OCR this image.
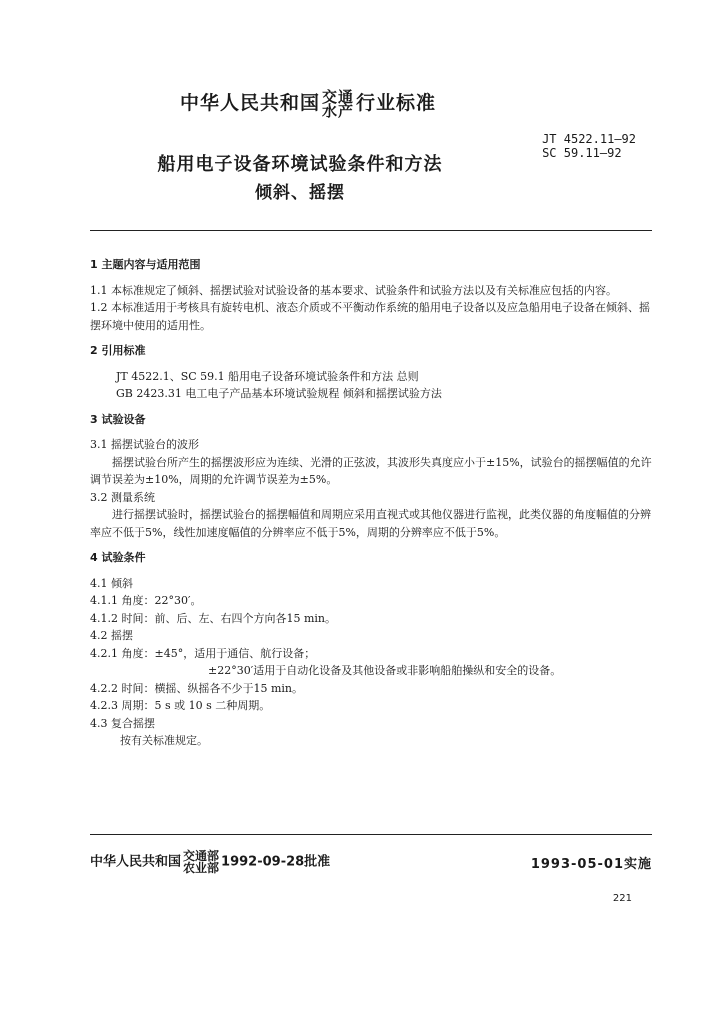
中华人民共和国 交通
水产 行业标准
JT 4522.11—92
SC 59.11—92
船用电子设备环境试验条件和方法
倾斜、摇摆

1 主题内容与适用范围

1.1 本标准规定了倾斜、摇摆试验对试验设备的基本要求、试验条件和试验方法以及有关标准应包括的内容。

1.2 本标准适用于考核具有旋转电机、液态介质或不平衡动作系统的船用电子设备以及应急船用电子设备在倾斜、摇摆环境中使用的适用性。

2 引用标准

JT 4522.1、SC 59.1 船用电子设备环境试验条件和方法 总则

GB 2423.31 电工电子产品基本环境试验规程 倾斜和摇摆试验方法

3 试验设备

3.1 摇摆试验台的波形

摇摆试验台所产生的摇摆波形应为连续、光滑的正弦波，其波形失真度应小于±15%，试验台的摇摆幅值的允许调节误差为±10%，周期的允许调节误差为±5%。

3.2 测量系统

进行摇摆试验时，摇摆试验台的摇摆幅值和周期应采用直视式或其他仪器进行监视，此类仪器的角度幅值的分辨率应不低于5%，线性加速度幅值的分辨率应不低于5%，周期的分辨率应不低于5%。

4 试验条件

4.1 倾斜

4.1.1 角度：22°30′。

4.1.2 时间：前、后、左、右四个方向各15 min。

4.2 摇摆

4.2.1 角度：±45°，适用于通信、航行设备；

±22°30′适用于自动化设备及其他设备或非影响船舶操纵和安全的设备。

4.2.2 时间：横摇、纵摇各不少于15 min。

4.2.3 周期：5 s 或 10 s 二种周期。

4.3 复合摇摆

按有关标准规定。

中华人民共和国 交通部
农业部 1992-09-28批准	1993-05-01实施
221
